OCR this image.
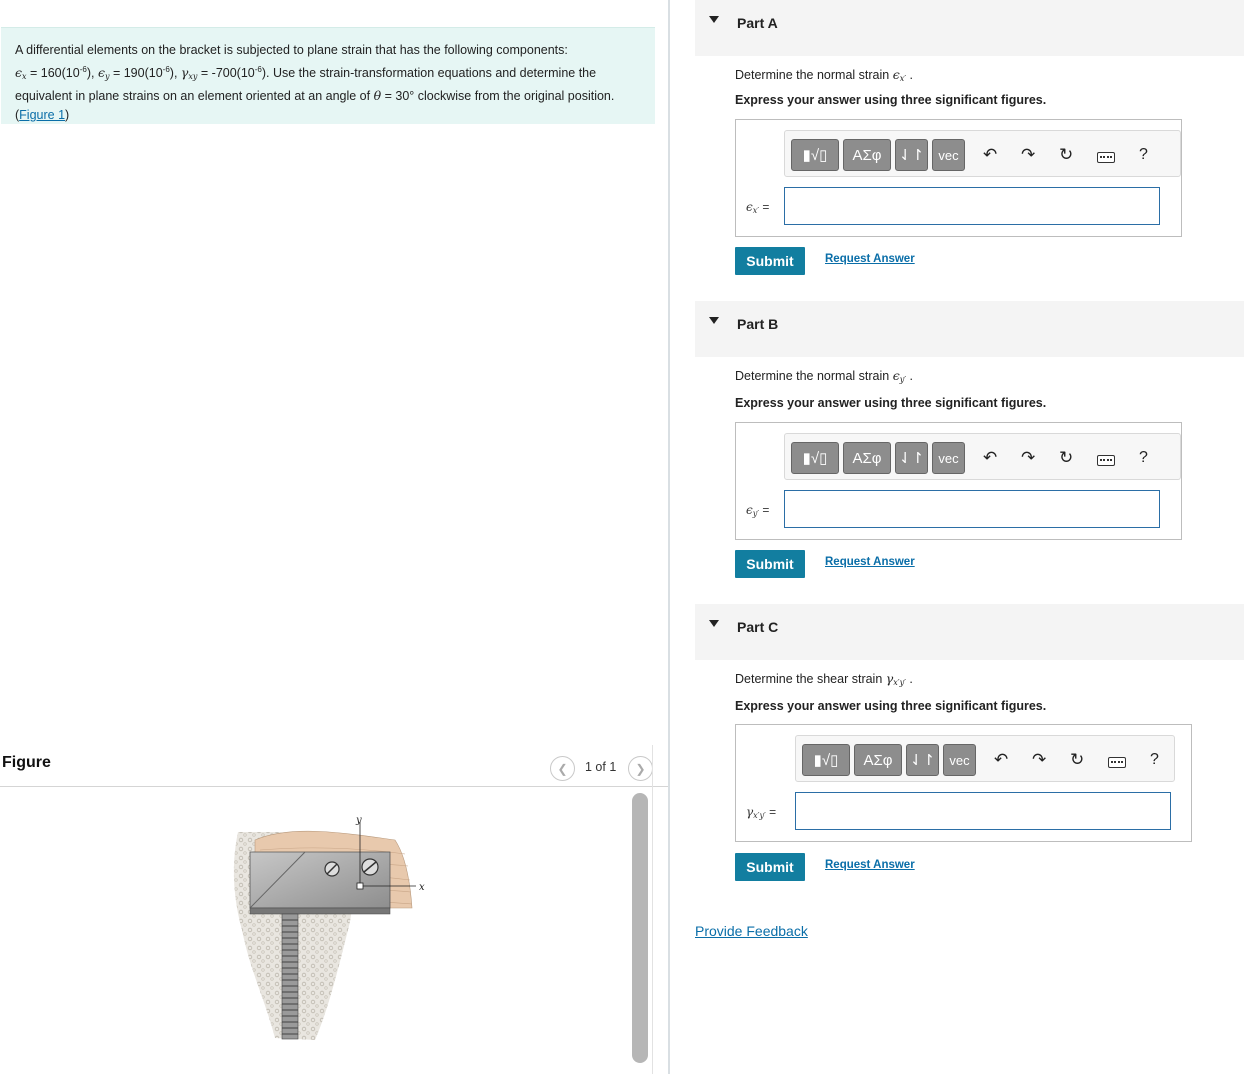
A differential elements on the bracket is subjected to plane strain that has the following components:
$\epsilon_x = 160(10^{-6})$, $\epsilon_y = 190(10^{-6})$, $\gamma_{xy} = -700(10^{-6})$. Use the strain-transformation equations and determine the
equivalent in plane strains on an element oriented at an angle of θ = 30° clockwise from the original position.
(Figure 1)
Figure	❮ 1 of 1 ❯
y
x
Part A
Determine the normal strain $\epsilon_{x'}$ .
Express your answer using three significant figures.
▮√▯	ΑΣφ	⇃↾	vec	↶ ↷ ↻	?
$\epsilon_{x'}$ =
Submit	Request Answer
Part B
Determine the normal strain $\epsilon_{y'}$ .
Express your answer using three significant figures.
▮√▯	ΑΣφ	⇃↾	vec	↶ ↷ ↻	?
$\epsilon_{y'}$ =
Submit	Request Answer
Part C
Determine the shear strain $\gamma_{x'y'}$ .
Express your answer using three significant figures.
▮√▯	ΑΣφ	⇃↾	vec	↶ ↷ ↻	?
$\gamma_{x'y'}$ =
Submit	Request Answer
Provide Feedback
